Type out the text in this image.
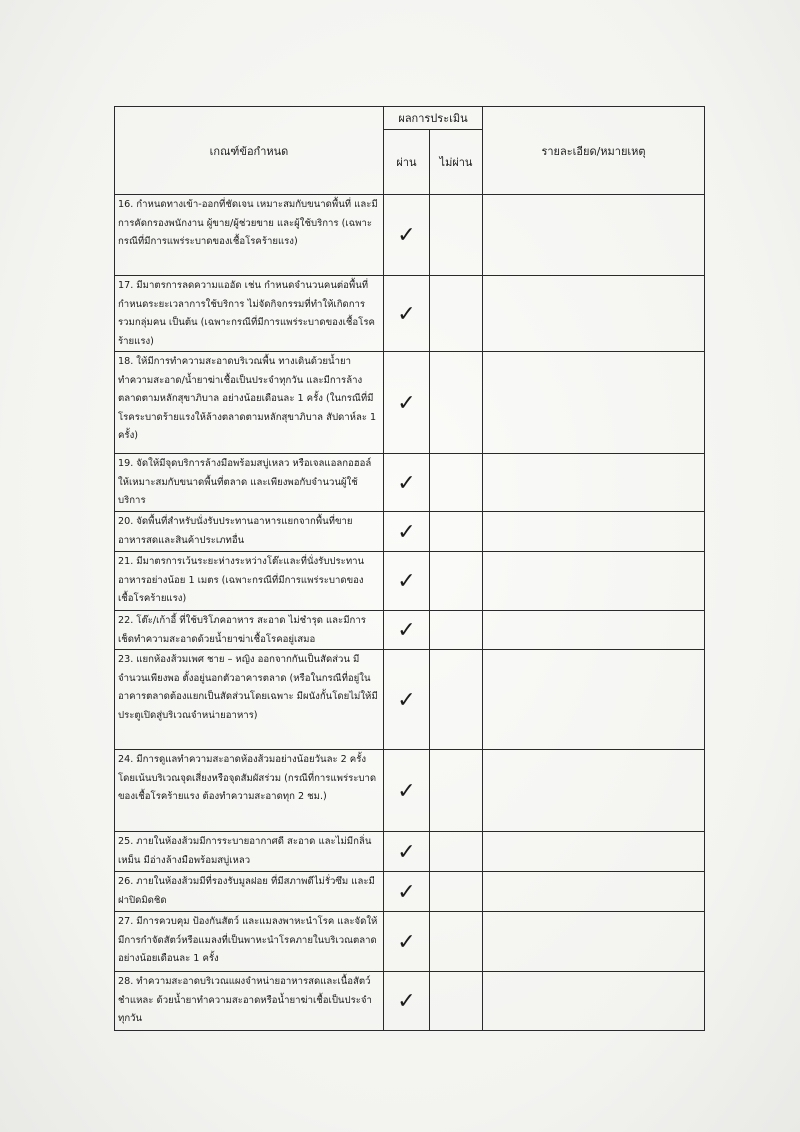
เกณฑ์ข้อกำหนด	ผลการประเมิน		รายละเอียด/หมายเหตุ
	ผ่าน	ไม่ผ่าน	

16. กำหนดทางเข้า-ออกที่ชัดเจน เหมาะสมกับขนาดพื้นที่ และมีการคัดกรองพนักงาน ผู้ขาย/ผู้ช่วยขาย และผู้ใช้บริการ (เฉพาะกรณีที่มีการแพร่ระบาดของเชื้อโรคร้ายแรง)	✓		

17. มีมาตรการลดความแออัด เช่น กำหนดจำนวนคนต่อพื้นที่ กำหนดระยะเวลาการใช้บริการ ไม่จัดกิจกรรมที่ทำให้เกิดการรวมกลุ่มคน เป็นต้น (เฉพาะกรณีที่มีการแพร่ระบาดของเชื้อโรคร้ายแรง)	✓		

18. ให้มีการทำความสะอาดบริเวณพื้น ทางเดินด้วยน้ำยาทำความสะอาด/น้ำยาฆ่าเชื้อเป็นประจำทุกวัน และมีการล้างตลาดตามหลักสุขาภิบาล อย่างน้อยเดือนละ 1 ครั้ง (ในกรณีที่มีโรคระบาดร้ายแรงให้ล้างตลาดตามหลักสุขาภิบาล สัปดาห์ละ 1 ครั้ง)	✓		

19. จัดให้มีจุดบริการล้างมือพร้อมสบู่เหลว หรือเจลแอลกอฮอล์ ให้เหมาะสมกับขนาดพื้นที่ตลาด และเพียงพอกับจำนวนผู้ใช้บริการ	✓		

20. จัดพื้นที่สำหรับนั่งรับประทานอาหารแยกจากพื้นที่ขายอาหารสดและสินค้าประเภทอื่น	✓		

21. มีมาตรการเว้นระยะห่างระหว่างโต๊ะและที่นั่งรับประทานอาหารอย่างน้อย 1 เมตร (เฉพาะกรณีที่มีการแพร่ระบาดของเชื้อโรคร้ายแรง)	✓		

22. โต๊ะ/เก้าอี้ ที่ใช้บริโภคอาหาร สะอาด ไม่ชำรุด และมีการเช็ดทำความสะอาดด้วยน้ำยาฆ่าเชื้อโรคอยู่เสมอ	✓		

23. แยกห้องส้วมเพศ ชาย – หญิง ออกจากกันเป็นสัดส่วน มีจำนวนเพียงพอ ตั้งอยู่นอกตัวอาคารตลาด (หรือในกรณีที่อยู่ในอาคารตลาดต้องแยกเป็นสัดส่วนโดยเฉพาะ มีผนังกั้นโดยไม่ให้มีประตูเปิดสู่บริเวณจำหน่ายอาหาร)	✓		

24. มีการดูแลทำความสะอาดห้องส้วมอย่างน้อยวันละ 2 ครั้ง โดยเน้นบริเวณจุดเสี่ยงหรือจุดสัมผัสร่วม (กรณีที่การแพร่ระบาดของเชื้อโรคร้ายแรง ต้องทำความสะอาดทุก 2 ชม.)	✓		

25. ภายในห้องส้วมมีการระบายอากาศดี สะอาด และไม่มีกลิ่นเหม็น มีอ่างล้างมือพร้อมสบู่เหลว	✓		

26. ภายในห้องส้วมมีที่รองรับมูลฝอย ที่มีสภาพดีไม่รั่วซึม และมีฝาปิดมิดชิด	✓		

27. มีการควบคุม ป้องกันสัตว์ และแมลงพาหะนำโรค และจัดให้มีการกำจัดสัตว์หรือแมลงที่เป็นพาหะนำโรคภายในบริเวณตลาด อย่างน้อยเดือนละ 1 ครั้ง	✓		

28. ทำความสะอาดบริเวณแผงจำหน่ายอาหารสดและเนื้อสัตว์ชำแหละ ด้วยน้ำยาทำความสะอาดหรือน้ำยาฆ่าเชื้อเป็นประจำทุกวัน	✓		
